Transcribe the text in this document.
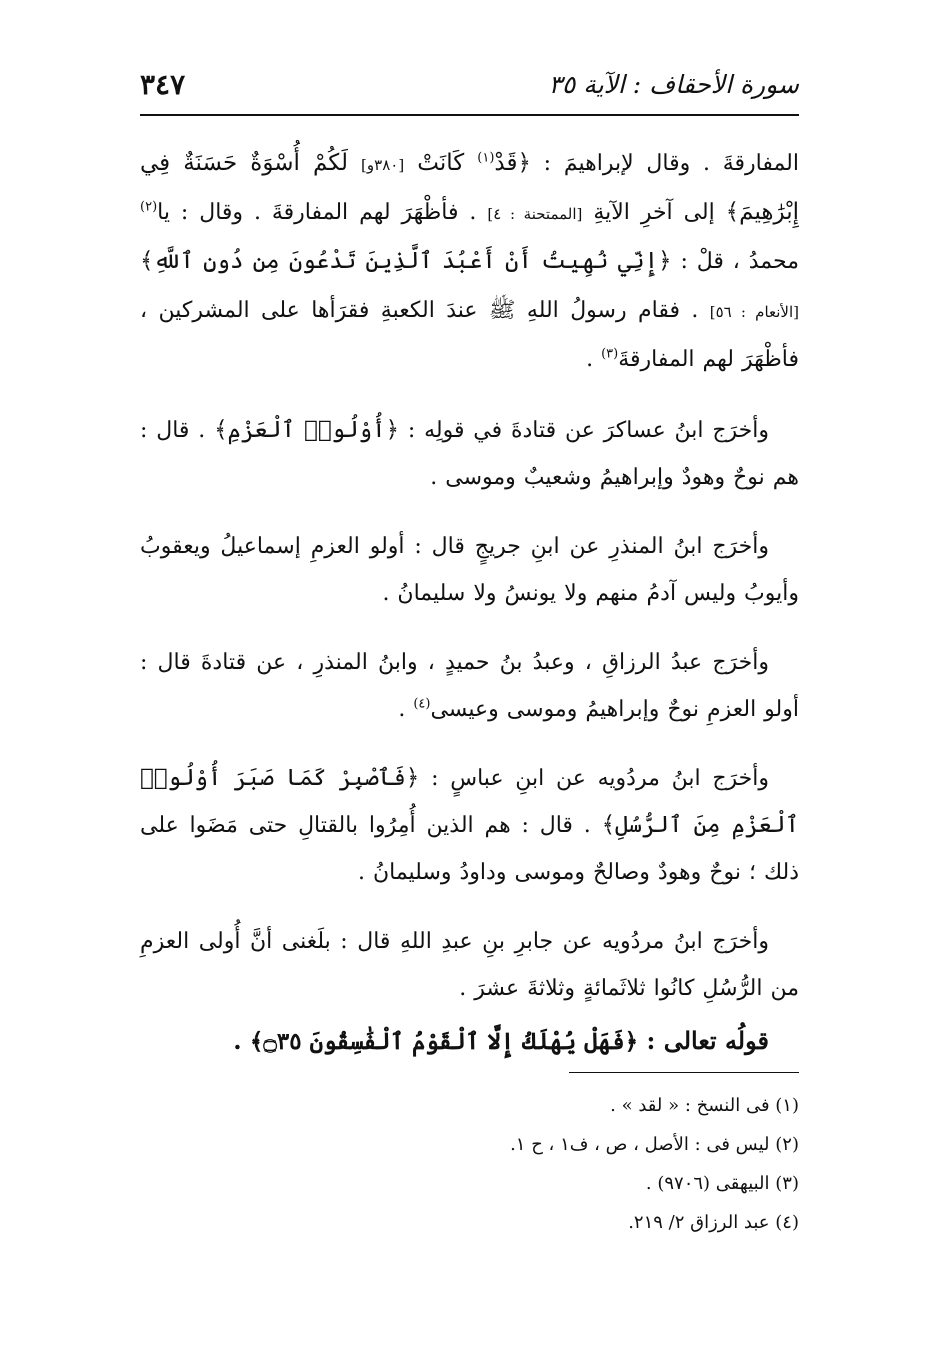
سورة الأحقاف : الآية ٣٥
٣٤٧

المفارقةَ . وقال لإبراهيمَ : ﴿قَدْ$^{(١)}$ كَانَتْ [٣٨٠و] لَكُمْ أُسْوَةٌ حَسَنَةٌ فِي إِبْرَٰهِيمَ﴾ إلى آخرِ الآيةِ [الممتحنة : ٤] . فأظْهَرَ لهم المفارقةَ . وقال : يا$^{(٢)}$ محمدُ ، قلْ : ﴿إِنِّي نُهِيتُ أَنْ أَعْبُدَ ٱلَّذِينَ تَدْعُونَ مِن دُونِ ٱللَّهِ﴾ [الأنعام : ٥٦] . فقام رسولُ اللهِ ﷺ عندَ الكعبةِ فقرَأها على المشركين ، فأظْهَرَ لهم المفارقةَ$^{(٣)}$ .

وأخرَج ابنُ عساكرَ عن قتادةَ في قولِه : ﴿أُوْلُوا۟ ٱلْعَزْمِ﴾ . قال : هم نوحٌ وهودٌ وإبراهيمُ وشعيبٌ وموسى .

وأخرَج ابنُ المنذرِ عن ابنِ جريجٍ قال : أولو العزمِ إسماعيلُ ويعقوبُ وأيوبُ وليس آدمُ منهم ولا يونسُ ولا سليمانُ .

وأخرَج عبدُ الرزاقِ ، وعبدُ بنُ حميدٍ ، وابنُ المنذرِ ، عن قتادةَ قال : أولو العزمِ نوحٌ وإبراهيمُ وموسى وعيسى$^{(٤)}$ .

وأخرَج ابنُ مردُويه عن ابنِ عباسٍ : ﴿فَٱصْبِرْ كَمَا صَبَرَ أُوْلُوا۟ ٱلْعَزْمِ مِنَ ٱلرُّسُلِ﴾ . قال : هم الذين أُمِرُوا بالقتالِ حتى مَضَوا على ذلك ؛ نوحٌ وهودٌ وصالحٌ وموسى وداودُ وسليمانُ .

وأخرَج ابنُ مردُويه عن جابرِ بنِ عبدِ اللهِ قال : بلَغنى أنَّ أُولى العزمِ من الرُّسُلِ كانُوا ثلاثَمائةٍ وثلاثةَ عشرَ .

قولُه تعالى : ﴿فَهَلْ يُهْلَكُ إِلَّا ٱلْقَوْمُ ٱلْفَٰسِقُونَ ۝٣٥﴾ .

(١) فى النسخ : « لقد » .

(٢) ليس فى : الأصل ، ص ، ف١ ، ح ١.

(٣) البيهقى (٩٧٠٦) .

(٤) عبد الرزاق ٢/ ٢١٩.
